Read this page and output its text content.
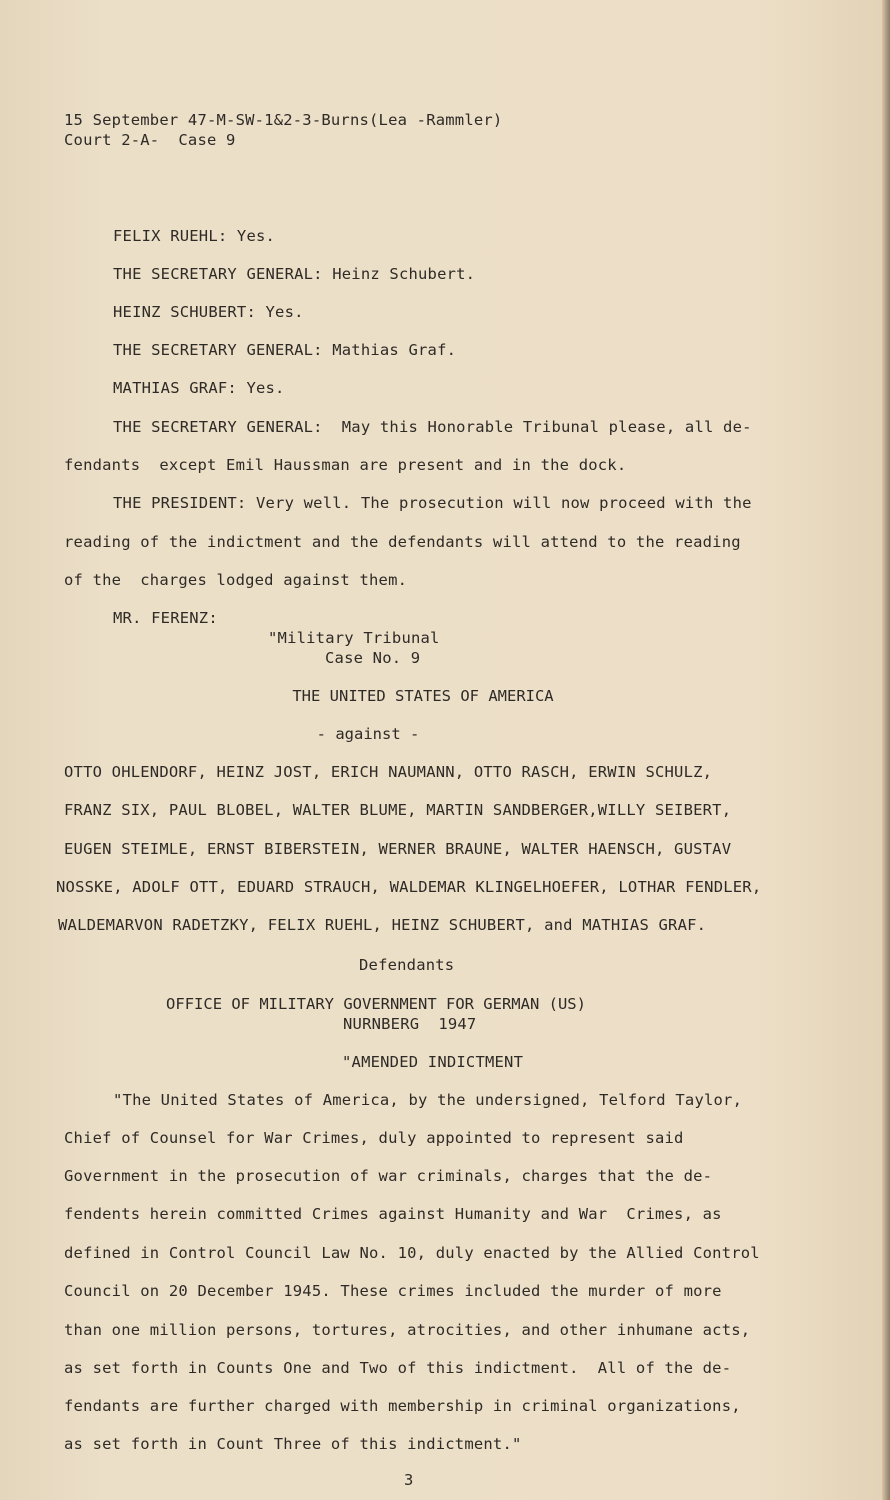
15 September 47-M-SW-1&2-3-Burns(Lea -Rammler)
Court 2-A-  Case 9
FELIX RUEHL: Yes.
THE SECRETARY GENERAL: Heinz Schubert.
HEINZ SCHUBERT: Yes.
THE SECRETARY GENERAL: Mathias Graf.
MATHIAS GRAF: Yes.
THE SECRETARY GENERAL:  May this Honorable Tribunal please, all de-
fendants  except Emil Haussman are present and in the dock.
THE PRESIDENT: Very well. The prosecution will now proceed with the
reading of the indictment and the defendants will attend to the reading
of the  charges lodged against them.
MR. FERENZ:
"Military Tribunal
Case No. 9
THE UNITED STATES OF AMERICA
- against -
OTTO OHLENDORF, HEINZ JOST, ERICH NAUMANN, OTTO RASCH, ERWIN SCHULZ,
FRANZ SIX, PAUL BLOBEL, WALTER BLUME, MARTIN SANDBERGER,WILLY SEIBERT,
EUGEN STEIMLE, ERNST BIBERSTEIN, WERNER BRAUNE, WALTER HAENSCH, GUSTAV
NOSSKE, ADOLF OTT, EDUARD STRAUCH, WALDEMAR KLINGELHOEFER, LOTHAR FENDLER,
WALDEMARVON RADETZKY, FELIX RUEHL, HEINZ SCHUBERT, and MATHIAS GRAF.
Defendants
OFFICE OF MILITARY GOVERNMENT FOR GERMAN (US)
NURNBERG  1947
"AMENDED INDICTMENT
"The United States of America, by the undersigned, Telford Taylor,
Chief of Counsel for War Crimes, duly appointed to represent said
Government in the prosecution of war criminals, charges that the de-
fendents herein committed Crimes against Humanity and War  Crimes, as
defined in Control Council Law No. 10, duly enacted by the Allied Control
Council on 20 December 1945. These crimes included the murder of more
than one million persons, tortures, atrocities, and other inhumane acts,
as set forth in Counts One and Two of this indictment.  All of the de-
fendants are further charged with membership in criminal organizations,
as set forth in Count Three of this indictment."
3
